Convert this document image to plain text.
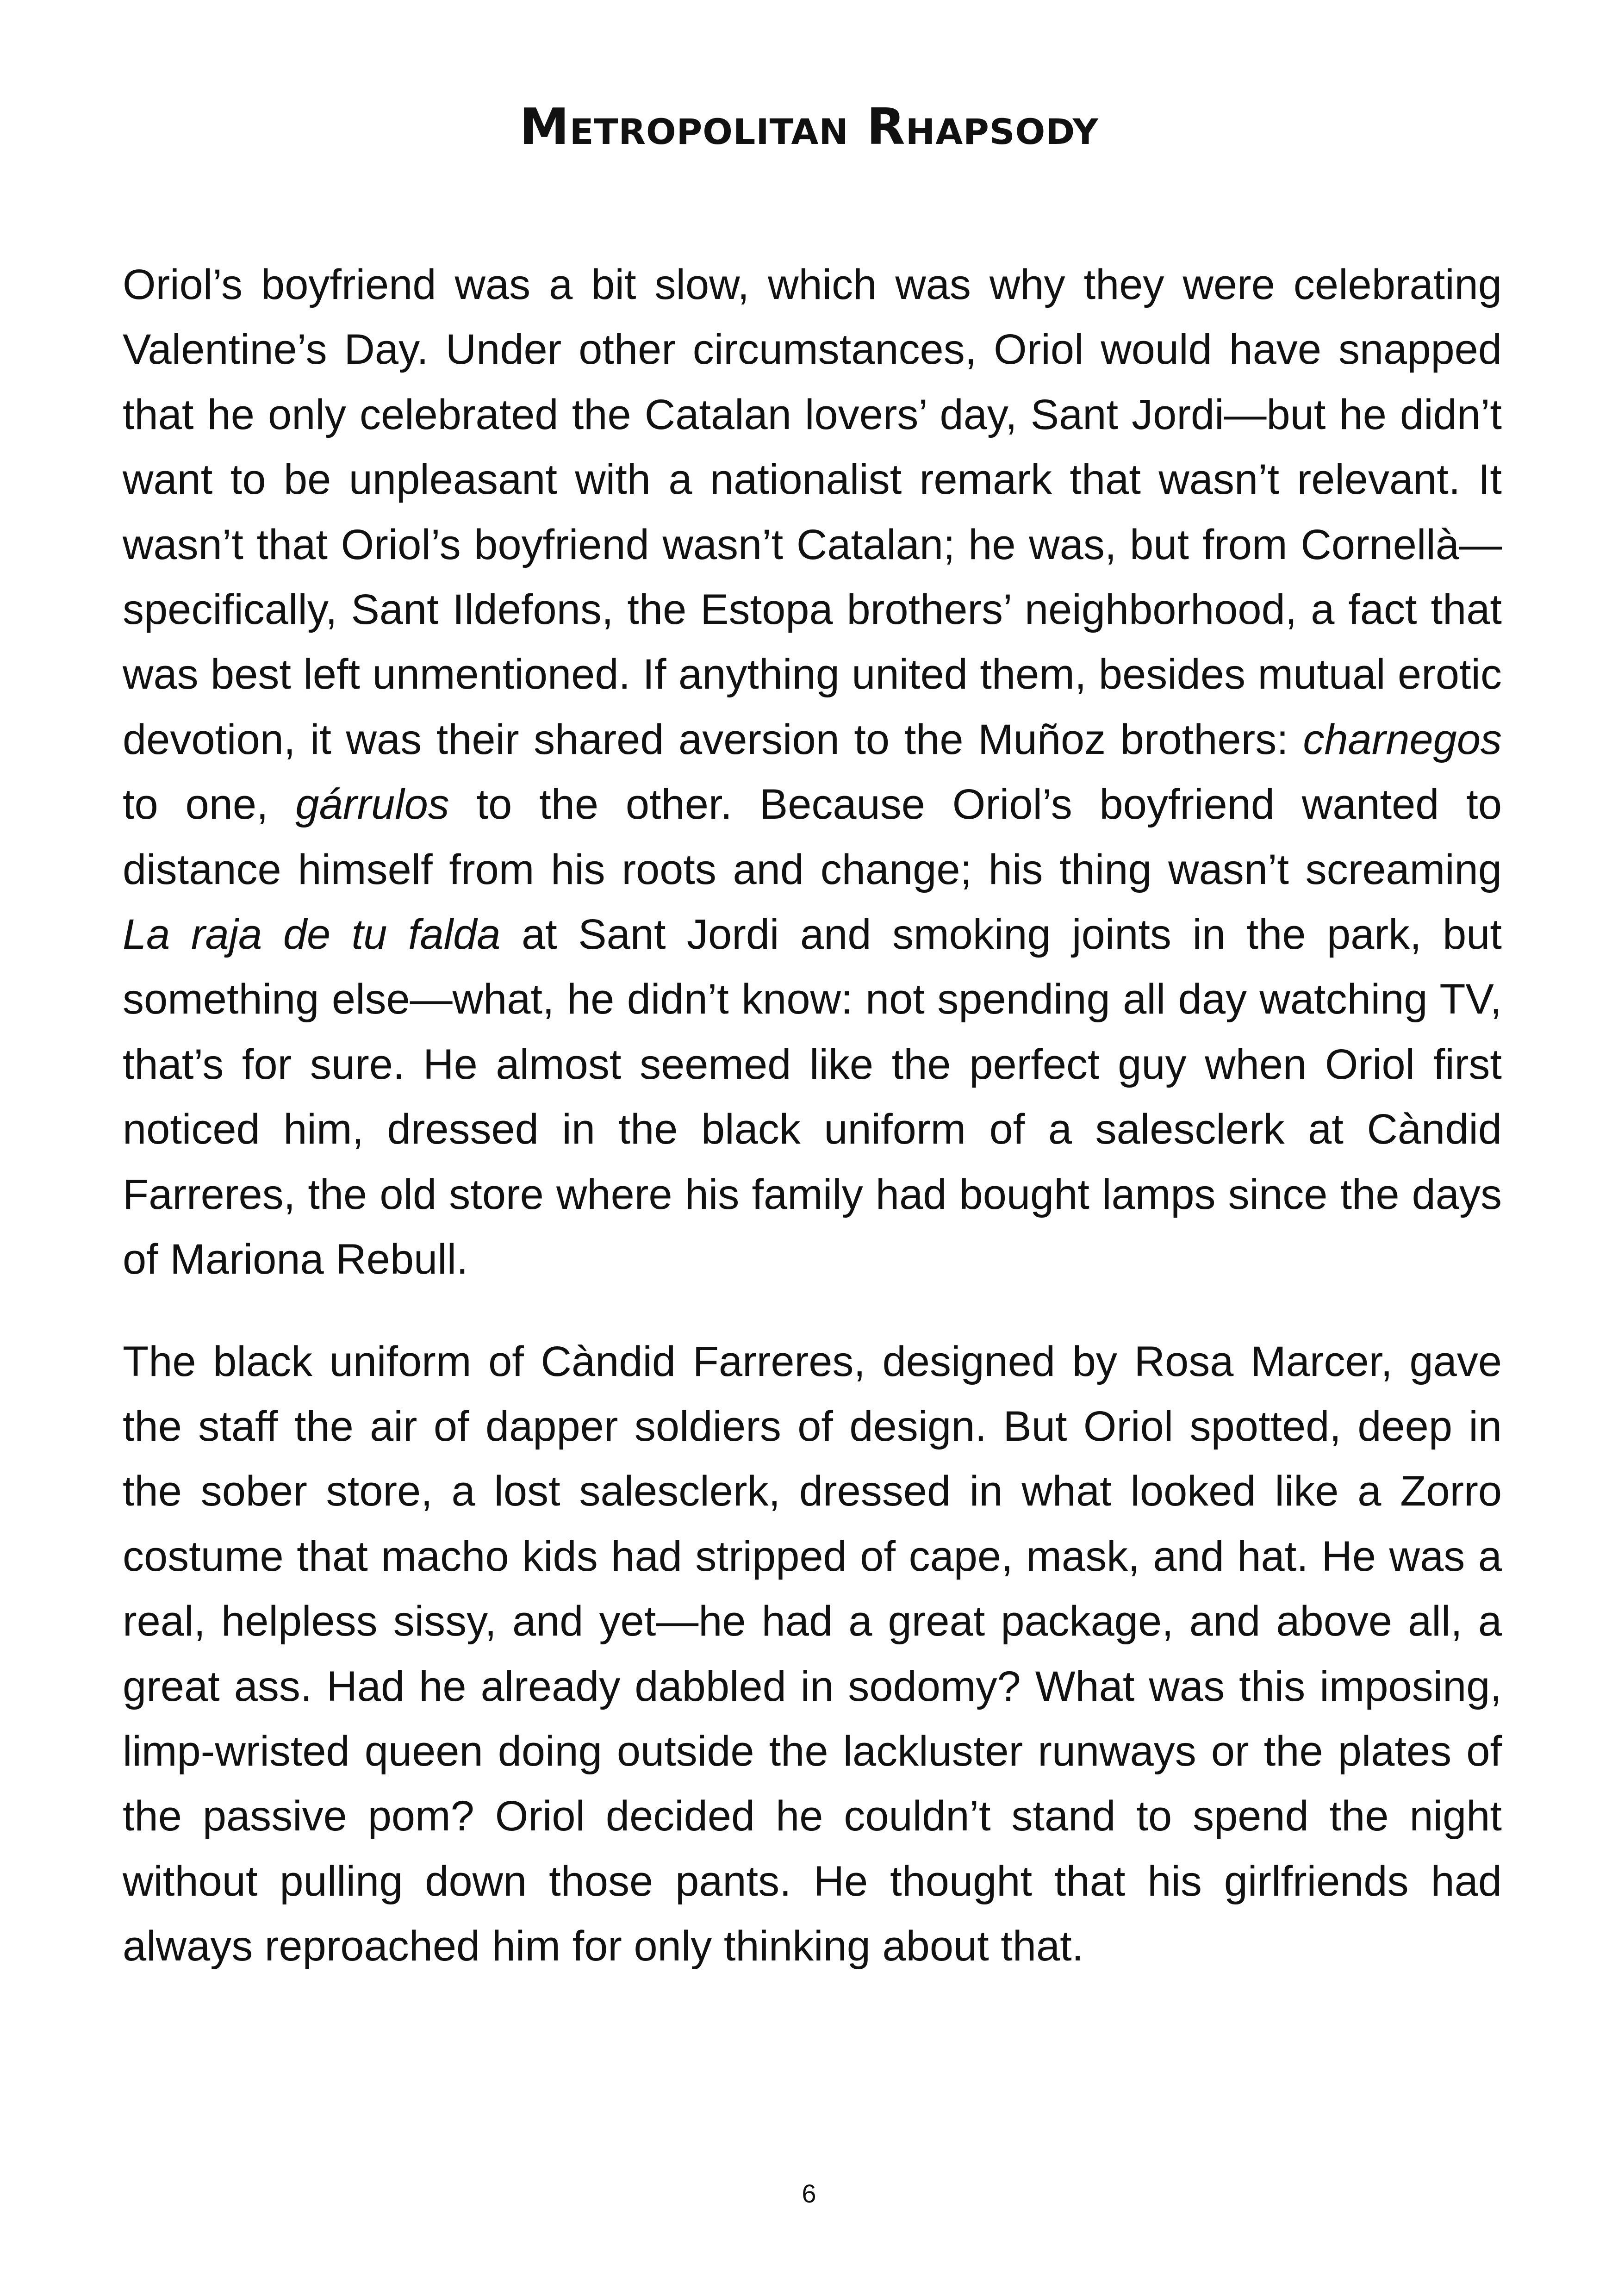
Metropolitan Rhapsody

Oriol’s boyfriend was a bit slow, which was why they were celebrating Valentine’s Day. Under other circumstances, Oriol would have snapped that he only celebrated the Catalan lovers’ day, Sant Jordi—but he didn’t want to be unpleasant with a nationalist remark that wasn’t relevant. It wasn’t that Oriol’s boyfriend wasn’t Catalan; he was, but from Cornellà—specifically, Sant Ildefons, the Estopa brothers’ neighborhood, a fact that was best left unmentioned. If anything united them, besides mutual erotic devotion, it was their shared aversion to the Muñoz brothers: charnegos to one, gárrulos to the other. Because Oriol’s boyfriend wanted to distance himself from his roots and change; his thing wasn’t screaming La raja de tu falda at Sant Jordi and smoking joints in the park, but something else—what, he didn’t know: not spending all day watching TV, that’s for sure. He almost seemed like the perfect guy when Oriol first noticed him, dressed in the black uniform of a salesclerk at Càndid Farreres, the old store where his family had bought lamps since the days of Mariona Rebull.

The black uniform of Càndid Farreres, designed by Rosa Marcer, gave the staff the air of dapper soldiers of design. But Oriol spotted, deep in the sober store, a lost salesclerk, dressed in what looked like a Zorro costume that macho kids had stripped of cape, mask, and hat. He was a real, helpless sissy, and yet—he had a great package, and above all, a great ass. Had he already dabbled in sodomy? What was this imposing, limp-wristed queen doing outside the lackluster runways or the plates of the passive pom? Oriol decided he couldn’t stand to spend the night without pulling down those pants. He thought that his girlfriends had always reproached him for only thinking about that.

6
